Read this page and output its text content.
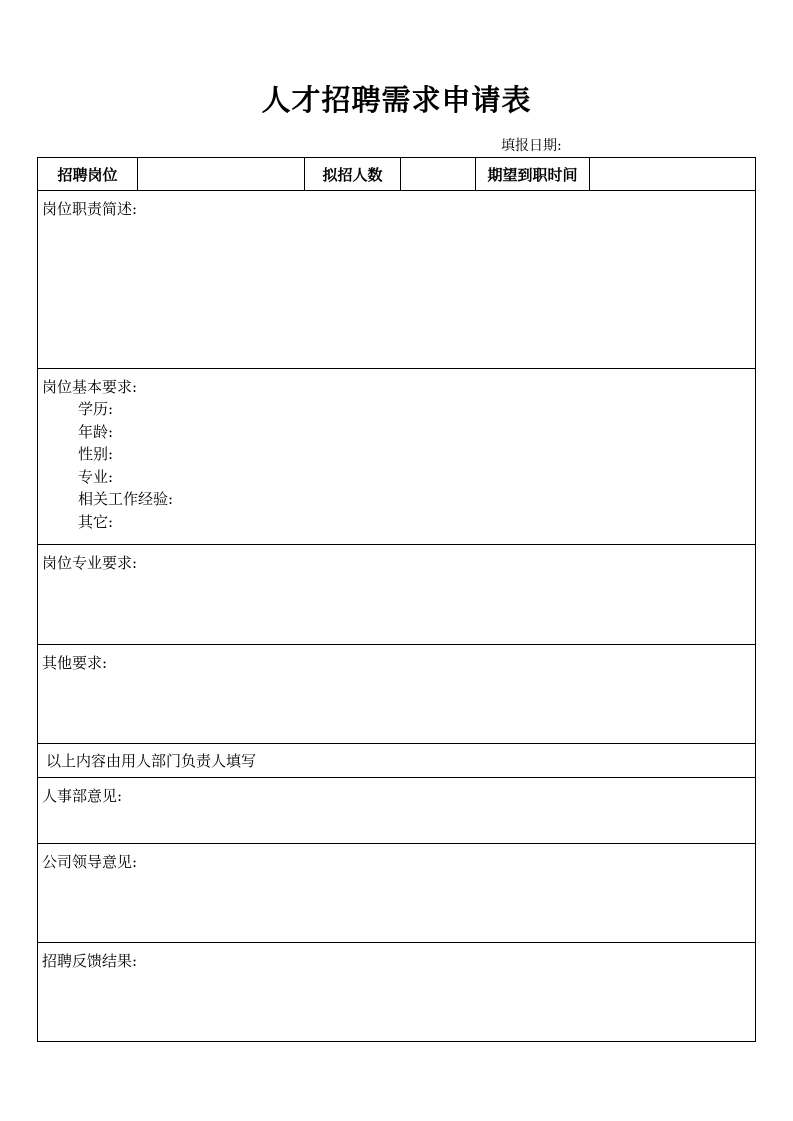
人才招聘需求申请表
填报日期:
招聘岗位		拟招人数		期望到职时间	

岗位职责简述:

岗位基本要求:
学历:
年龄:
性别:
专业:
相关工作经验:
其它:

岗位专业要求:

其他要求:

以上内容由用人部门负责人填写

人事部意见:

公司领导意见:

招聘反馈结果:
